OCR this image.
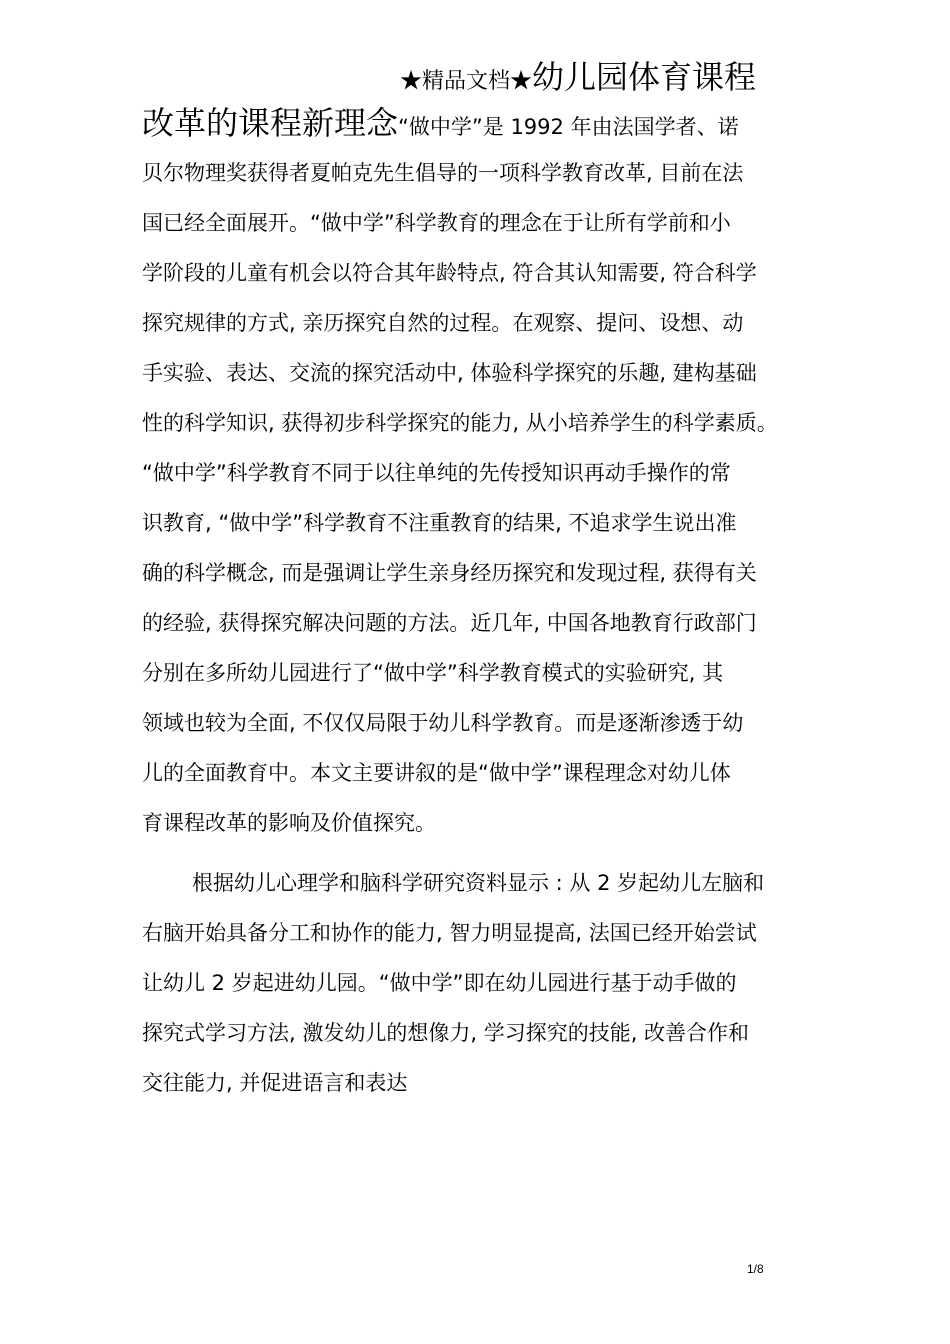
★精品文档★幼儿园体育课程
改革的课程新理念“做中学”是 1992 年由法国学者、诺
贝尔物理奖获得者夏帕克先生倡导的一项科学教育改革, 目前在法
国已经全面展开。“做中学”科学教育的理念在于让所有学前和小
学阶段的儿童有机会以符合其年龄特点, 符合其认知需要, 符合科学
探究规律的方式, 亲历探究自然的过程。在观察、提问、设想、动
手实验、表达、交流的探究活动中, 体验科学探究的乐趣, 建构基础
性的科学知识, 获得初步科学探究的能力, 从小培养学生的科学素质。
“做中学”科学教育不同于以往单纯的先传授知识再动手操作的常
识教育, “做中学”科学教育不注重教育的结果, 不追求学生说出准
确的科学概念, 而是强调让学生亲身经历探究和发现过程, 获得有关
的经验, 获得探究解决问题的方法。近几年, 中国各地教育行政部门
分别在多所幼儿园进行了“做中学”科学教育模式的实验研究, 其
领域也较为全面, 不仅仅局限于幼儿科学教育。而是逐渐渗透于幼
儿的全面教育中。本文主要讲叙的是“做中学”课程理念对幼儿体
育课程改革的影响及价值探究。
根据幼儿心理学和脑科学研究资料显示 : 从 2 岁起幼儿左脑和
右脑开始具备分工和协作的能力, 智力明显提高, 法国已经开始尝试
让幼儿 2 岁起进幼儿园。“做中学”即在幼儿园进行基于动手做的
探究式学习方法, 激发幼儿的想像力, 学习探究的技能, 改善合作和
交往能力, 并促进语言和表达
1/8
